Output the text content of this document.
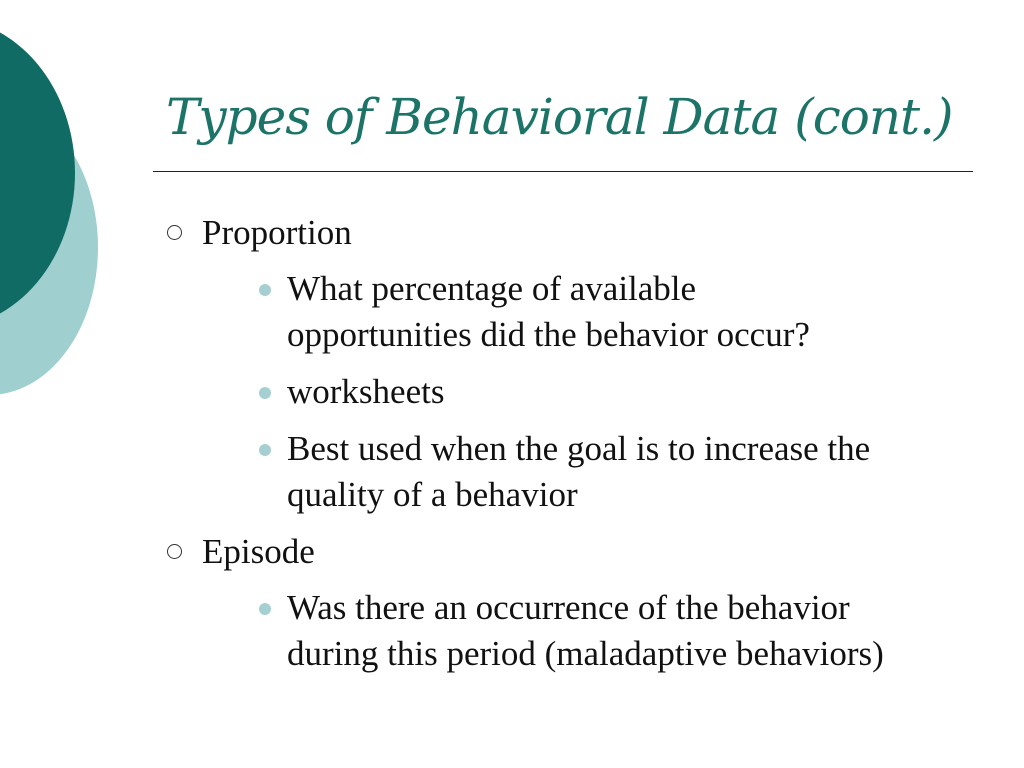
Types of Behavioral Data (cont.)
Proportion
What percentage of available
opportunities did the behavior occur?
worksheets
Best used when the goal is to increase the
quality of a behavior
Episode
Was there an occurrence of the behavior
during this period (maladaptive behaviors)
